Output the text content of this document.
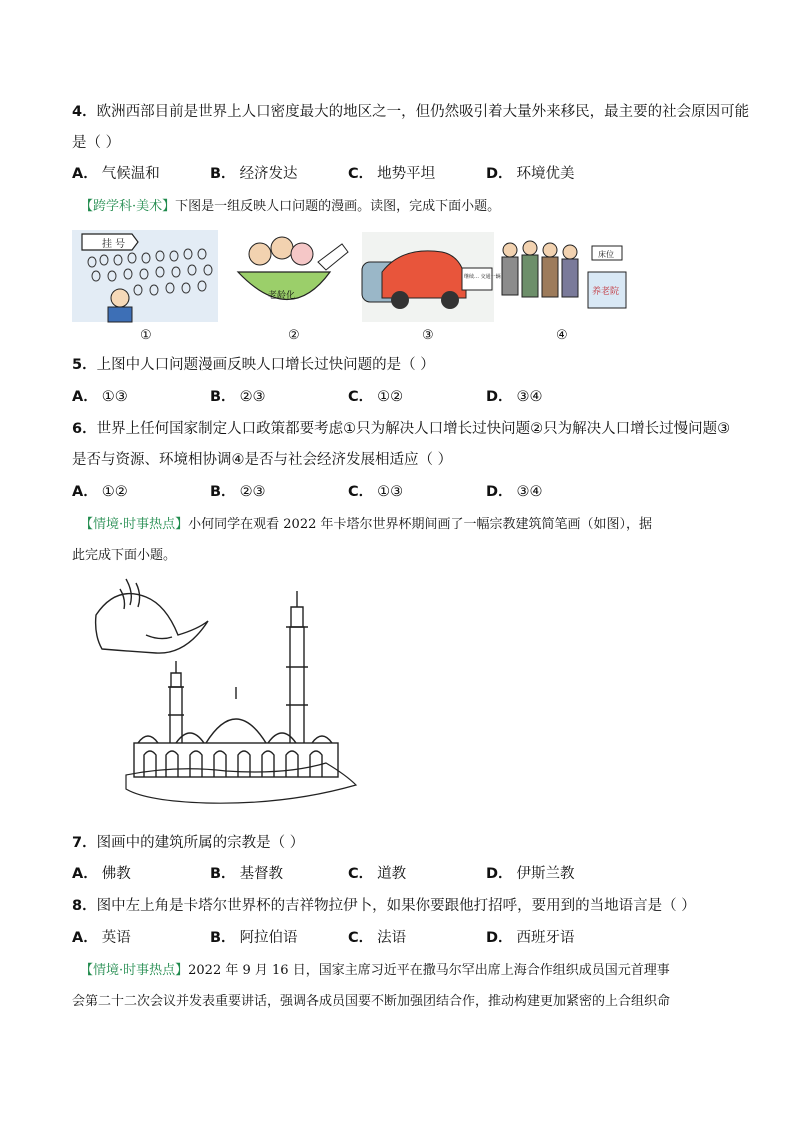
4．欧洲西部目前是世界上人口密度最大的地区之一，但仍然吸引着大量外来移民，最主要的社会原因可能
是（ ）
A． 气候温和	B． 经济发达	C． 地势平坦	D． 环境优美
【跨学科·美术】下图是一组反映人口问题的漫画。读图，完成下面小题。
挂 号
老龄化
继续… 交通一辆
床位
养老院
①	②	③	④
5．上图中人口问题漫画反映人口增长过快问题的是（ ）
A． ①③	B． ②③	C． ①②	D． ③④
6．世界上任何国家制定人口政策都要考虑①只为解决人口增长过快问题②只为解决人口增长过慢问题③
是否与资源、环境相协调④是否与社会经济发展相适应（ ）
A． ①②	B． ②③	C． ①③	D． ③④
【情境·时事热点】小何同学在观看 2022 年卡塔尔世界杯期间画了一幅宗教建筑简笔画（如图），据
此完成下面小题。
7．图画中的建筑所属的宗教是（ ）
A． 佛教	B． 基督教	C． 道教	D． 伊斯兰教
8．图中左上角是卡塔尔世界杯的吉祥物拉伊卜，如果你要跟他打招呼，要用到的当地语言是（ ）
A． 英语	B． 阿拉伯语	C． 法语	D． 西班牙语
【情境·时事热点】2022 年 9 月 16 日，国家主席习近平在撒马尔罕出席上海合作组织成员国元首理事
会第二十二次会议并发表重要讲话，强调各成员国要不断加强团结合作，推动构建更加紧密的上合组织命
